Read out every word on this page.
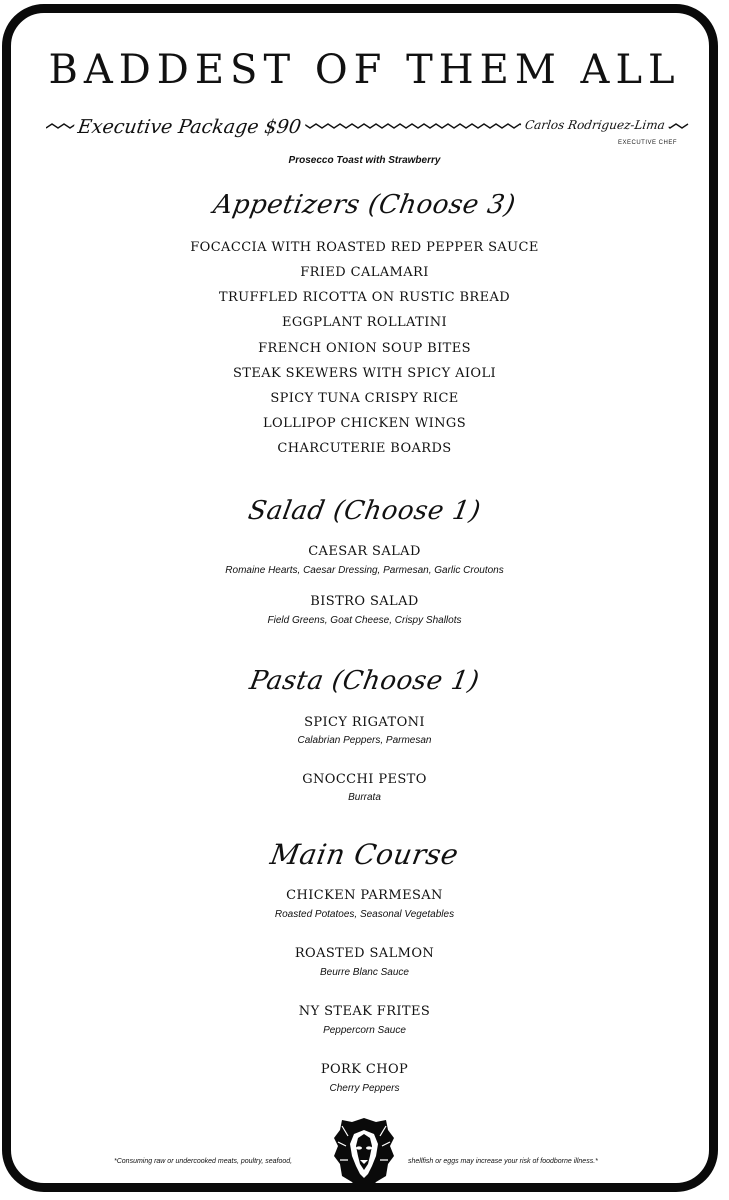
BADDEST OF THEM ALL
Executive Package $90	Carlos Rodriguez-Lima
EXECUTIVE CHEF
Prosecco Toast with Strawberry
Appetizers (Choose 3)
FOCACCIA WITH ROASTED RED PEPPER SAUCE
FRIED CALAMARI
TRUFFLED RICOTTA ON RUSTIC BREAD
EGGPLANT ROLLATINI
FRENCH ONION SOUP BITES
STEAK SKEWERS WITH SPICY AIOLI
SPICY TUNA CRISPY RICE
LOLLIPOP CHICKEN WINGS
CHARCUTERIE BOARDS
Salad (Choose 1)
CAESAR SALAD
Romaine Hearts, Caesar Dressing, Parmesan, Garlic Croutons
BISTRO SALAD
Field Greens, Goat Cheese, Crispy Shallots
Pasta (Choose 1)
SPICY RIGATONI
Calabrian Peppers, Parmesan
GNOCCHI PESTO
Burrata
Main Course
CHICKEN PARMESAN
Roasted Potatoes, Seasonal Vegetables
ROASTED SALMON
Beurre Blanc Sauce
NY STEAK FRITES
Peppercorn Sauce
PORK CHOP
Cherry Peppers
*Consuming raw or undercooked meats, poultry, seafood,	shellfish or eggs may increase your risk of foodborne illness.*
